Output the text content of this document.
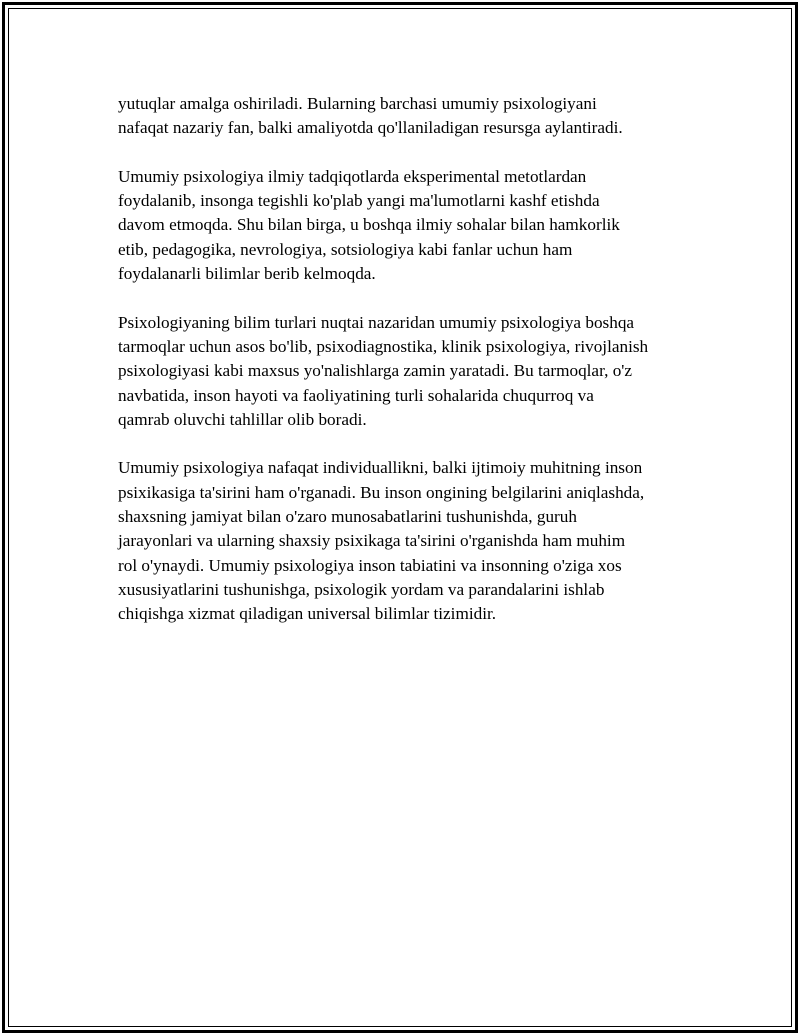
yutuqlar amalga oshiriladi. Bularning barchasi umumiy psixologiyani
nafaqat nazariy fan, balki amaliyotda qo'llaniladigan resursga aylantiradi.

Umumiy psixologiya ilmiy tadqiqotlarda eksperimental metotlardan
foydalanib, insonga tegishli ko'plab yangi ma'lumotlarni kashf etishda
davom etmoqda. Shu bilan birga, u boshqa ilmiy sohalar bilan hamkorlik
etib, pedagogika, nevrologiya, sotsiologiya kabi fanlar uchun ham
foydalanarli bilimlar berib kelmoqda.

Psixologiyaning bilim turlari nuqtai nazaridan umumiy psixologiya boshqa
tarmoqlar uchun asos bo'lib, psixodiagnostika, klinik psixologiya, rivojlanish
psixologiyasi kabi maxsus yo'nalishlarga zamin yaratadi. Bu tarmoqlar, o'z
navbatida, inson hayoti va faoliyatining turli sohalarida chuqurroq va
qamrab oluvchi tahlillar olib boradi.

Umumiy psixologiya nafaqat individuallikni, balki ijtimoiy muhitning inson
psixikasiga ta'sirini ham o'rganadi. Bu inson ongining belgilarini aniqlashda,
shaxsning jamiyat bilan o'zaro munosabatlarini tushunishda, guruh
jarayonlari va ularning shaxsiy psixikaga ta'sirini o'rganishda ham muhim
rol o'ynaydi. Umumiy psixologiya inson tabiatini va insonning o'ziga xos
xususiyatlarini tushunishga, psixologik yordam va parandalarini ishlab
chiqishga xizmat qiladigan universal bilimlar tizimidir.
